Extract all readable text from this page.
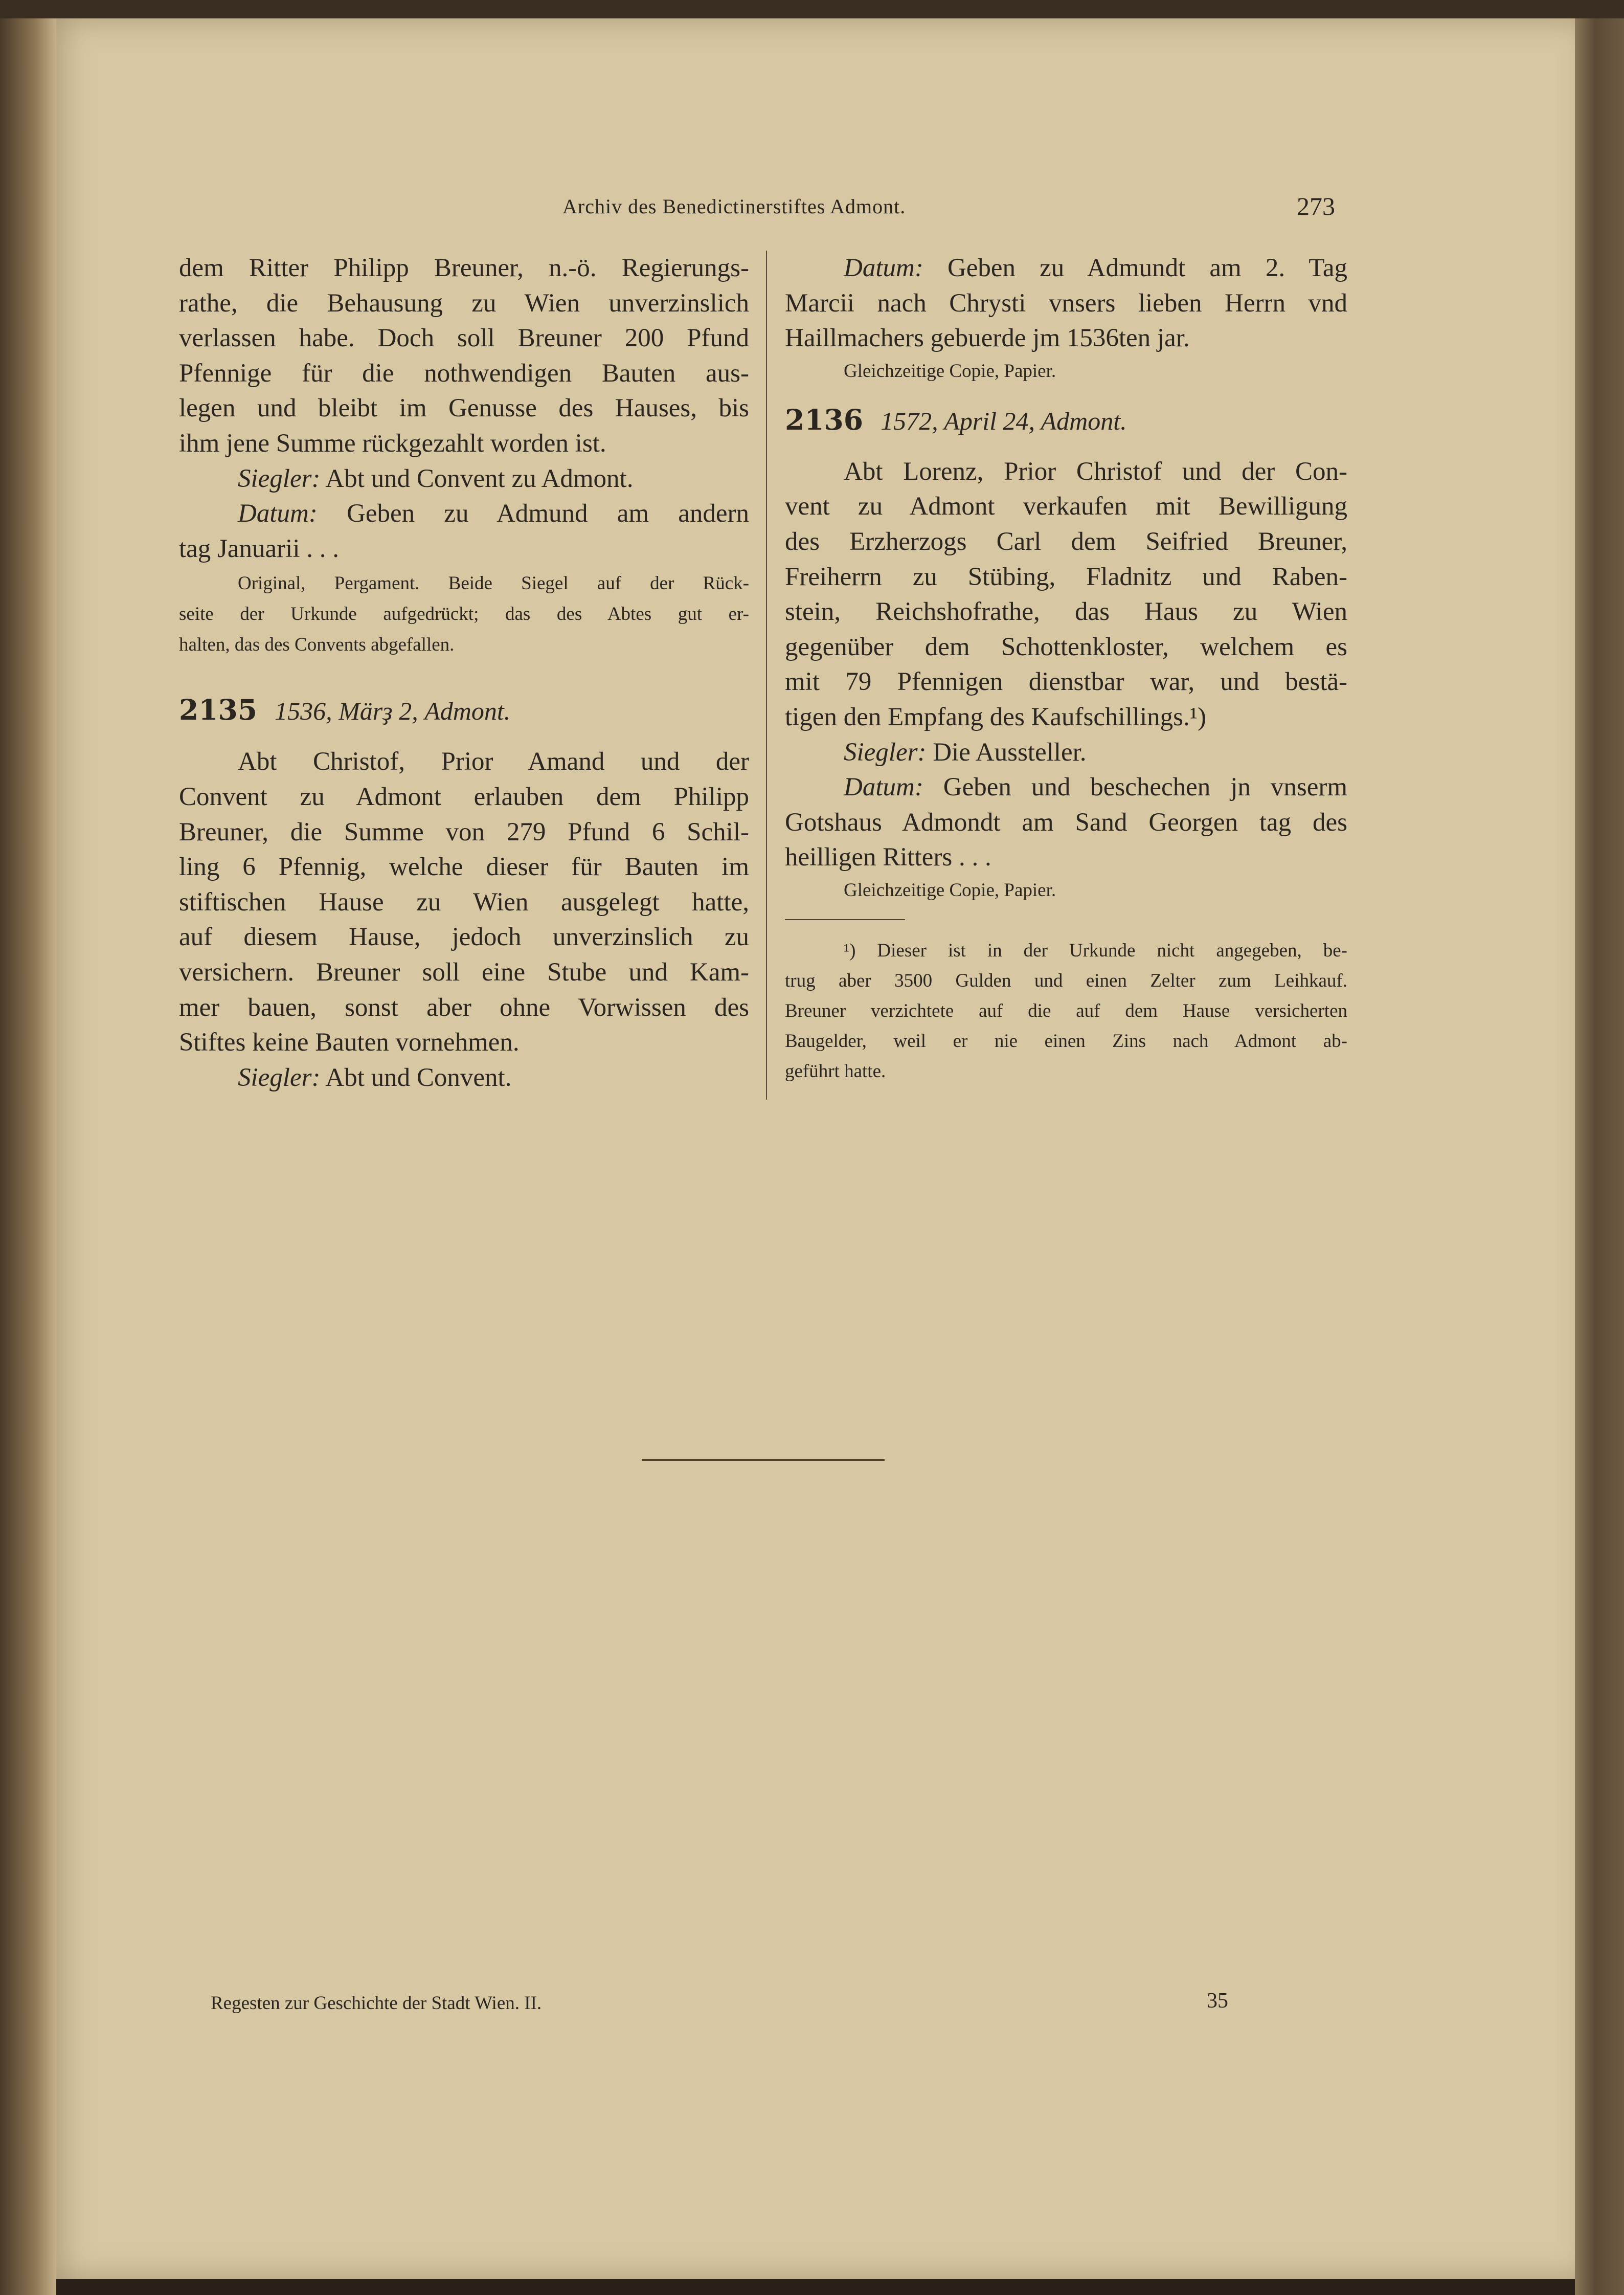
Archiv des Benedictinerstiftes Admont.	273
dem Ritter Philipp Breuner, n.-ö. Regierungs-
rathe, die Behausung zu Wien unverzinslich
verlassen habe. Doch soll Breuner 200 Pfund
Pfennige für die nothwendigen Bauten aus-
legen und bleibt im Genusse des Hauses, bis
ihm jene Summe rückgezahlt worden ist.
Siegler: Abt und Convent zu Admont.
Datum: Geben zu Admund am andern
tag Januarii . . .
Original, Pergament. Beide Siegel auf der Rück-
seite der Urkunde aufgedrückt; das des Abtes gut er-
halten, das des Convents abgefallen.
2135 1536, Märҙ 2, Admont.
Abt Christof, Prior Amand und der
Convent zu Admont erlauben dem Philipp
Breuner, die Summe von 279 Pfund 6 Schil-
ling 6 Pfennig, welche dieser für Bauten im
stiftischen Hause zu Wien ausgelegt hatte,
auf diesem Hause, jedoch unverzinslich zu
versichern. Breuner soll eine Stube und Kam-
mer bauen, sonst aber ohne Vorwissen des
Stiftes keine Bauten vornehmen.
Siegler: Abt und Convent.
Datum: Geben zu Admundt am 2. Tag
Marcii nach Chrysti vnsers lieben Herrn vnd
Haillmachers gebuerde jm 1536ten jar.
Gleichzeitige Copie, Papier.
2136 1572, April 24, Admont.
Abt Lorenz, Prior Christof und der Con-
vent zu Admont verkaufen mit Bewilligung
des Erzherzogs Carl dem Seifried Breuner,
Freiherrn zu Stübing, Fladnitz und Raben-
stein, Reichshofrathe, das Haus zu Wien
gegenüber dem Schottenkloster, welchem es
mit 79 Pfennigen dienstbar war, und bestä-
tigen den Empfang des Kaufschillings.¹)
Siegler: Die Aussteller.
Datum: Geben und beschechen jn vnserm
Gotshaus Admondt am Sand Georgen tag des
heilligen Ritters . . .
Gleichzeitige Copie, Papier.
¹) Dieser ist in der Urkunde nicht angegeben, be-
trug aber 3500 Gulden und einen Zelter zum Leihkauf.
Breuner verzichtete auf die auf dem Hause versicherten
Baugelder, weil er nie einen Zins nach Admont ab-
geführt hatte.
Regesten zur Geschichte der Stadt Wien. II.	35
